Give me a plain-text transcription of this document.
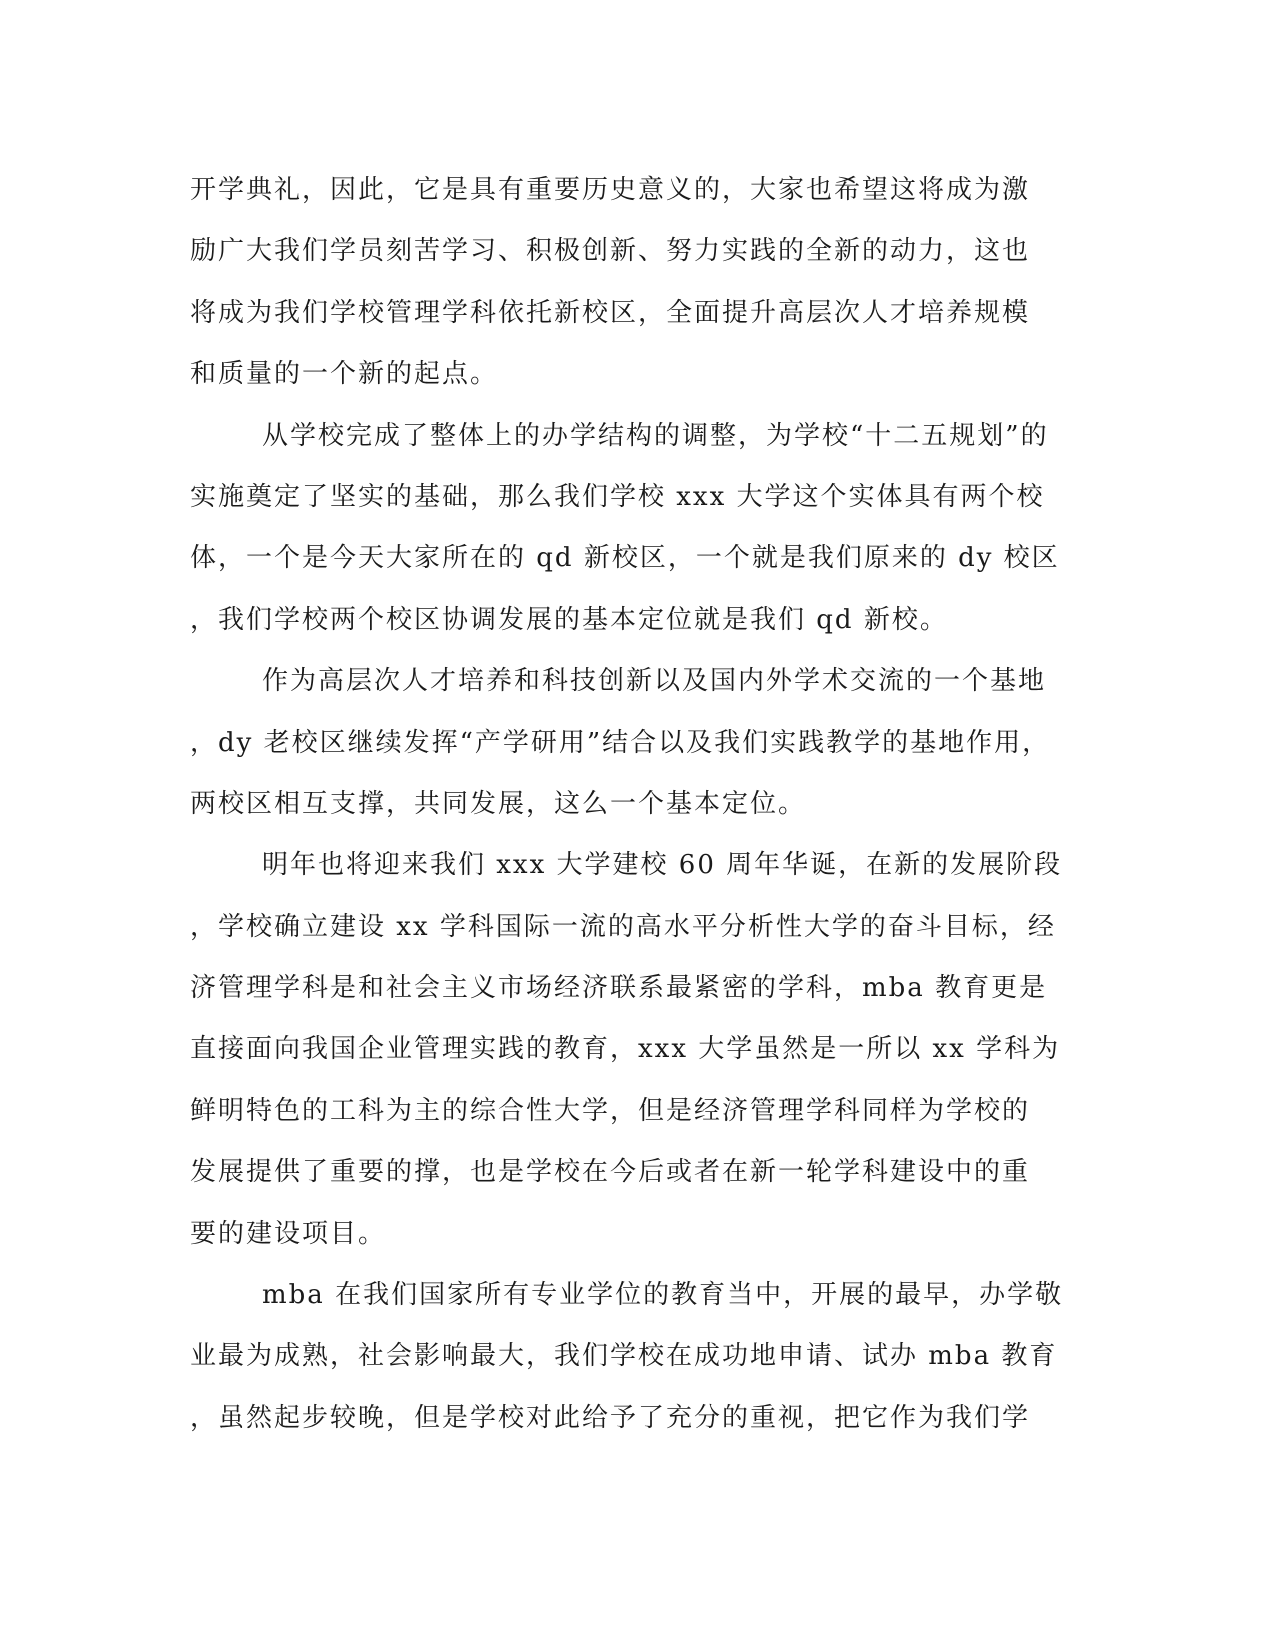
开学典礼，因此，它是具有重要历史意义的，大家也希望这将成为激
励广大我们学员刻苦学习、积极创新、努力实践的全新的动力，这也
将成为我们学校管理学科依托新校区，全面提升高层次人才培养规模
和质量的一个新的起点。
从学校完成了整体上的办学结构的调整，为学校“十二五规划”的
实施奠定了坚实的基础，那么我们学校 xxx 大学这个实体具有两个校
体，一个是今天大家所在的 qd 新校区，一个就是我们原来的 dy 校区
，我们学校两个校区协调发展的基本定位就是我们 qd 新校。
作为高层次人才培养和科技创新以及国内外学术交流的一个基地
，dy 老校区继续发挥“产学研用”结合以及我们实践教学的基地作用，
两校区相互支撑，共同发展，这么一个基本定位。
明年也将迎来我们 xxx 大学建校 60 周年华诞，在新的发展阶段
，学校确立建设 xx 学科国际一流的高水平分析性大学的奋斗目标，经
济管理学科是和社会主义市场经济联系最紧密的学科，mba 教育更是
直接面向我国企业管理实践的教育，xxx 大学虽然是一所以 xx 学科为
鲜明特色的工科为主的综合性大学，但是经济管理学科同样为学校的
发展提供了重要的撑，也是学校在今后或者在新一轮学科建设中的重
要的建设项目。
mba 在我们国家所有专业学位的教育当中，开展的最早，办学敬
业最为成熟，社会影响最大，我们学校在成功地申请、试办 mba 教育
，虽然起步较晚，但是学校对此给予了充分的重视，把它作为我们学
